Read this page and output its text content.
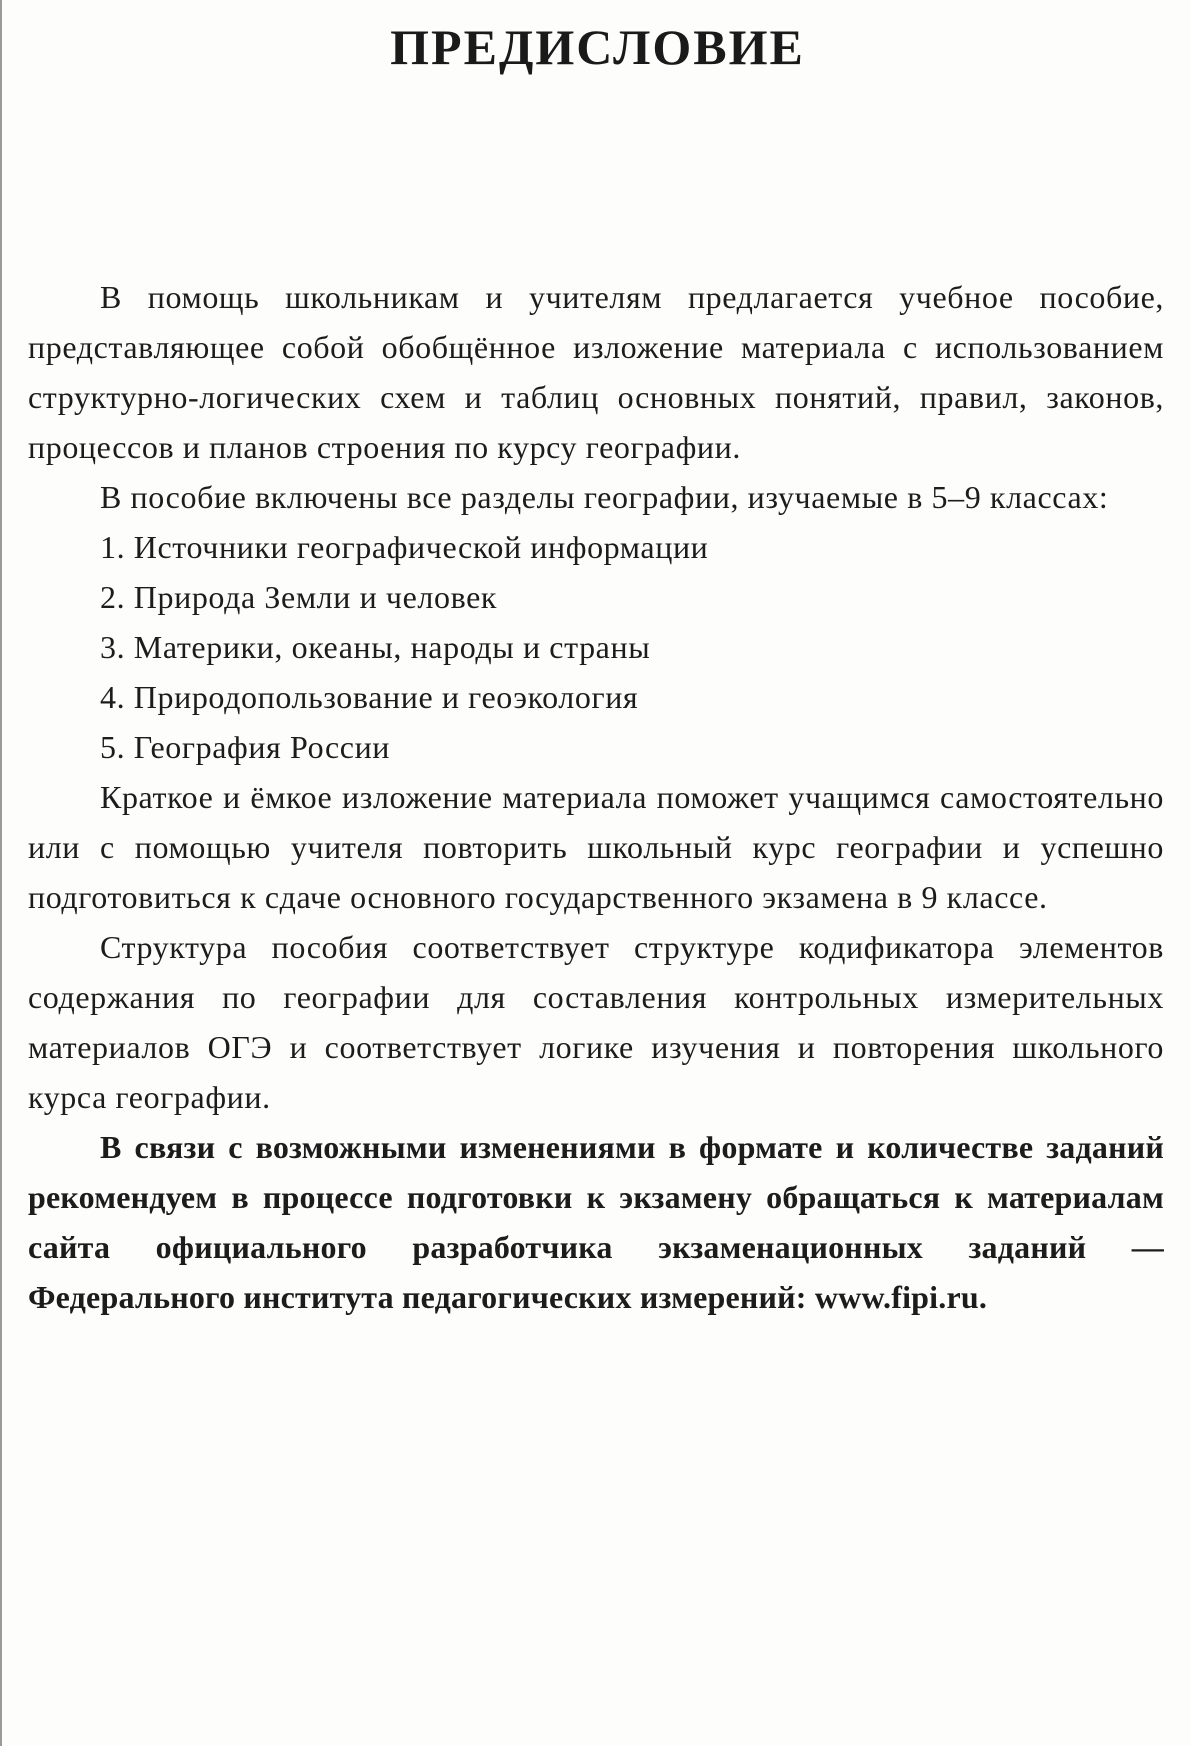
ПРЕДИСЛОВИЕ

В помощь школьникам и учителям предлагается учебное пособие, представляющее собой обобщённое изложение материала с использованием структурно-логических схем и таблиц основных понятий, правил, законов, процессов и планов строения по курсу географии.

В пособие включены все разделы географии, изучаемые в 5–9 классах:

1. Источники географической информации
2. Природа Земли и человек
3. Материки, океаны, народы и страны
4. Природопользование и геоэкология
5. География России

Краткое и ёмкое изложение материала поможет учащимся самостоятельно или с помощью учителя повторить школьный курс географии и успешно подготовиться к сдаче основного государственного экзамена в 9 классе.

Структура пособия соответствует структуре кодификатора элементов содержания по географии для составления контрольных измерительных материалов ОГЭ и соответствует логике изучения и повторения школьного курса географии.

В связи с возможными изменениями в формате и количестве заданий рекомендуем в процессе подготовки к экзамену обращаться к материалам сайта официального разработчика экзаменационных заданий — Федерального института педагогических измерений: www.fipi.ru.
